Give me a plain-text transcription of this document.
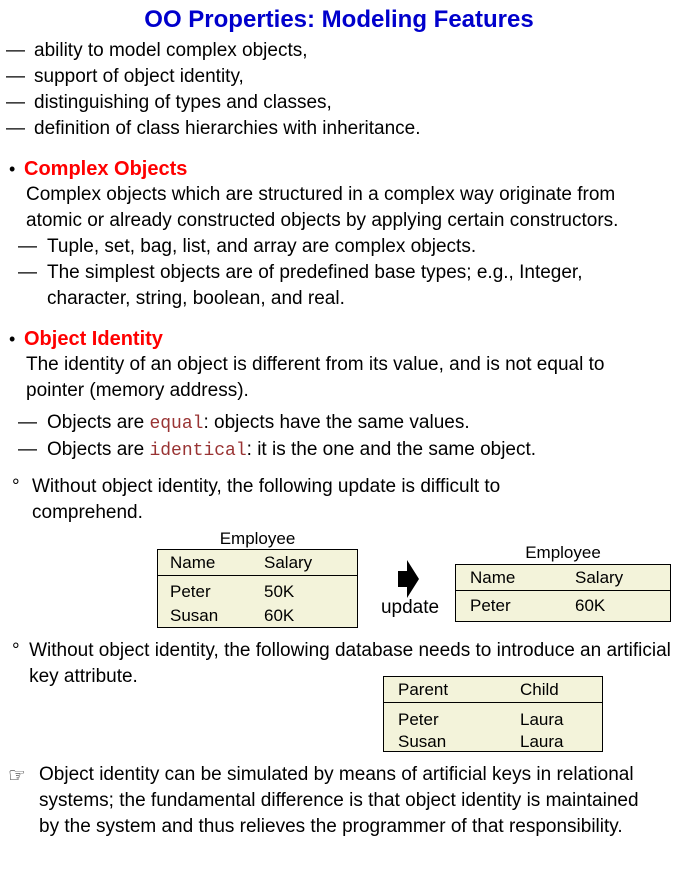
OO Properties: Modeling Features
— ability to model complex objects,
— support of object identity,
— distinguishing of types and classes,
— definition of class hierarchies with inheritance.
• Complex Objects

Complex objects which are structured in a complex way originate from atomic or already constructed objects by applying certain constructors.

— Tuple, set, bag, list, and array are complex objects.
— The simplest objects are of predefined base types; e.g., Integer, character, string, boolean, and real.
• Object Identity

The identity of an object is different from its value, and is not equal to pointer (memory address).

— Objects are equal: objects have the same values.
— Objects are identical: it is the one and the same object.
° Without object identity, the following update is difficult to comprehend.
Employee
Name	Salary
Peter	50K
Susan	60K	update
Employee
Name	Salary
Peter	60K
° Without object identity, the following database needs to introduce an artificial key attribute.
Parent	Child
Peter	Laura
Susan	Laura
☞ Object identity can be simulated by means of artificial keys in relational systems; the fundamental difference is that object identity is maintained by the system and thus relieves the programmer of that responsibility.
